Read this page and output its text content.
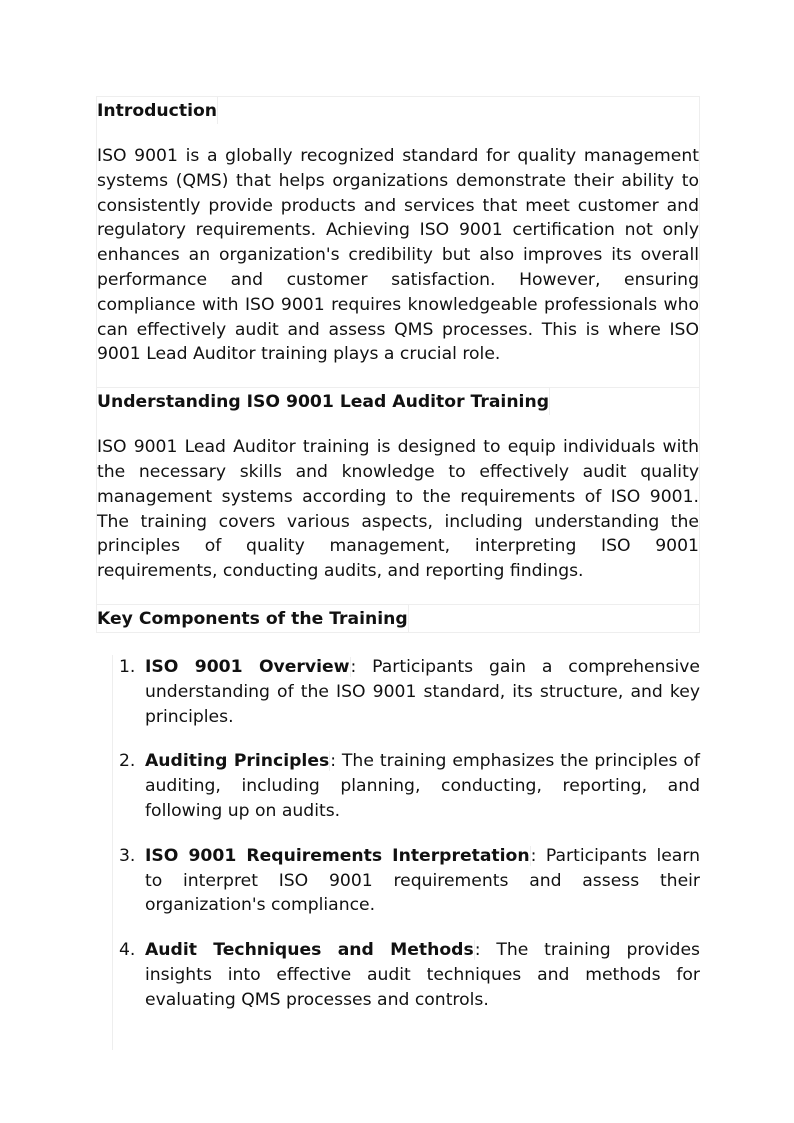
Introduction

ISO 9001 is a globally recognized standard for quality management systems (QMS) that helps organizations demonstrate their ability to consistently provide products and services that meet customer and regulatory requirements. Achieving ISO 9001 certification not only enhances an organization's credibility but also improves its overall performance and customer satisfaction. However, ensuring compliance with ISO 9001 requires knowledgeable professionals who can effectively audit and assess QMS processes. This is where ISO 9001 Lead Auditor training plays a crucial role.

Understanding ISO 9001 Lead Auditor Training

ISO 9001 Lead Auditor training is designed to equip individuals with the necessary skills and knowledge to effectively audit quality management systems according to the requirements of ISO 9001. The training covers various aspects, including understanding the principles of quality management, interpreting ISO 9001 requirements, conducting audits, and reporting findings.

Key Components of the Training
1. ISO 9001 Overview: Participants gain a comprehensive understanding of the ISO 9001 standard, its structure, and key principles.
2. Auditing Principles: The training emphasizes the principles of auditing, including planning, conducting, reporting, and following up on audits.
3. ISO 9001 Requirements Interpretation: Participants learn to interpret ISO 9001 requirements and assess their organization's compliance.
4. Audit Techniques and Methods: The training provides insights into effective audit techniques and methods for evaluating QMS processes and controls.
